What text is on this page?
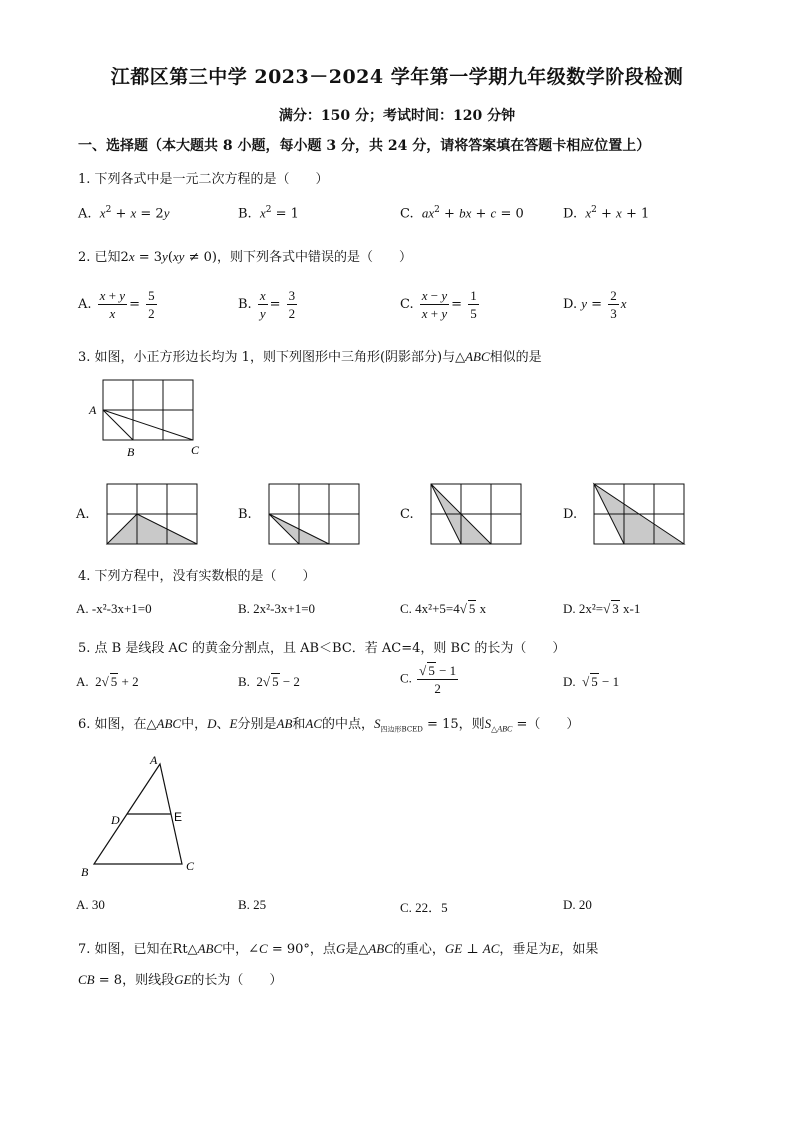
江都区第三中学 2023－2024 学年第一学期九年级数学阶段检测
满分：150 分；考试时间：120 分钟
一、选择题（本大题共 8 小题，每小题 3 分，共 24 分，请将答案填在答题卡相应位置上）
1. 下列各式中是一元二次方程的是（　　）
A. $x^2 + x = 2y$	B. $x^2 = 1$	C. $ax^2$ + bx + c = 0	D. $x^2 + x + 1$
2. 已知2x = 3y(xy ≠ 0)，则下列各式中错误的是（　　）
A. $\frac{x + y}{x} = \frac{5}{2}$	B. $\frac{x}{y} = \frac{3}{2}$	C. $\frac{x - y}{x + y} = \frac{1}{5}$	D. $y = \frac{2}{3}$ x
3. 如图，小正方形边长均为 1，则下列图形中三角形(阴影部分)与△ABC相似的是
A
B	C
A.	B.	C.	D.
4. 下列方程中，没有实数根的是（　　）
A. -x²-3x+1=0	B. 2x²-3x+1=0	C. 4x²+5=4√ 5 x	D. 2x²=√ 3 x-1
5. 点 B 是线段 AC 的黄金分割点，且 AB＜BC．若 AC=4，则 BC 的长为（　　）
A.  2√ 5 + 2	B.  2√ 5 − 2	C. $\frac{√ 5 - 1}{2}$	D.  √ 5 − 1
6. 如图，在△ABC中，D、E分别是AB和AC的中点，$S_{四边形BCED} = 15$，则$S_{\triangle ABC}$ =（　　）
A
D	E
B	C
A. 30	B. 25	C. 22．5	D. 20
7. 如图，已知在Rt△ABC中，∠C = 90°，点G是△ABC的重心，GE ⊥ AC，垂足为E，如果
CB = 8，则线段GE的长为（　　）
